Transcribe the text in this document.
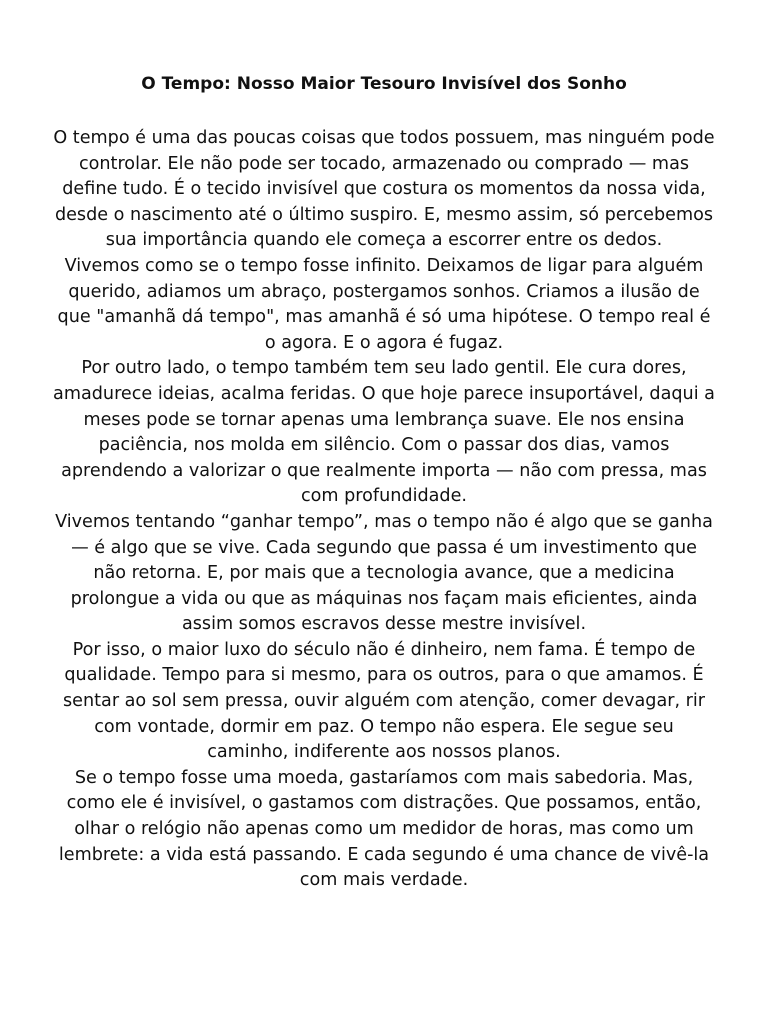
O Tempo: Nosso Maior Tesouro Invisível dos Sonho

O tempo é uma das poucas coisas que todos possuem, mas ninguém pode controlar. Ele não pode ser tocado, armazenado ou comprado — mas define tudo. É o tecido invisível que costura os momentos da nossa vida, desde o nascimento até o último suspiro. E, mesmo assim, só percebemos sua importância quando ele começa a escorrer entre os dedos.

Vivemos como se o tempo fosse infinito. Deixamos de ligar para alguém querido, adiamos um abraço, postergamos sonhos. Criamos a ilusão de que "amanhã dá tempo", mas amanhã é só uma hipótese. O tempo real é o agora. E o agora é fugaz.

Por outro lado, o tempo também tem seu lado gentil. Ele cura dores, amadurece ideias, acalma feridas. O que hoje parece insuportável, daqui a meses pode se tornar apenas uma lembrança suave. Ele nos ensina paciência, nos molda em silêncio. Com o passar dos dias, vamos aprendendo a valorizar o que realmente importa — não com pressa, mas com profundidade.

Vivemos tentando “ganhar tempo”, mas o tempo não é algo que se ganha — é algo que se vive. Cada segundo que passa é um investimento que não retorna. E, por mais que a tecnologia avance, que a medicina prolongue a vida ou que as máquinas nos façam mais eficientes, ainda assim somos escravos desse mestre invisível.

Por isso, o maior luxo do século não é dinheiro, nem fama. É tempo de qualidade. Tempo para si mesmo, para os outros, para o que amamos. É sentar ao sol sem pressa, ouvir alguém com atenção, comer devagar, rir com vontade, dormir em paz. O tempo não espera. Ele segue seu caminho, indiferente aos nossos planos.

Se o tempo fosse uma moeda, gastaríamos com mais sabedoria. Mas, como ele é invisível, o gastamos com distrações. Que possamos, então, olhar o relógio não apenas como um medidor de horas, mas como um lembrete: a vida está passando. E cada segundo é uma chance de vivê-la com mais verdade.
